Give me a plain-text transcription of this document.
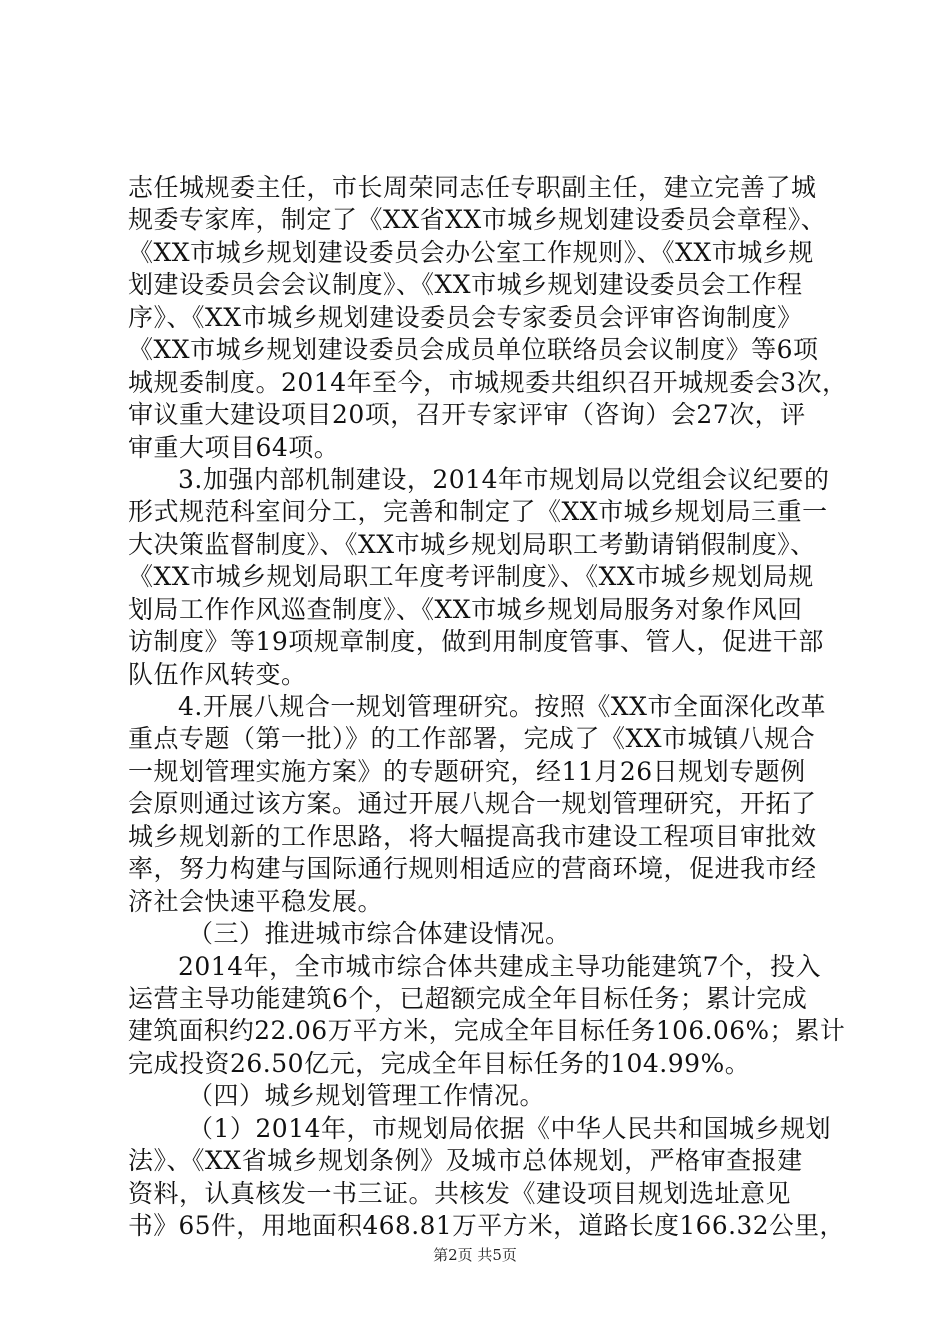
志任城规委主任，市长周荣同志任专职副主任，建立完善了城
规委专家库，制定了《XX省XX市城乡规划建设委员会章程》、
《XX市城乡规划建设委员会办公室工作规则》、《XX市城乡规
划建设委员会会议制度》、《XX市城乡规划建设委员会工作程
序》、《XX市城乡规划建设委员会专家委员会评审咨询制度》
《XX市城乡规划建设委员会成员单位联络员会议制度》等6项
城规委制度。2014年至今，市城规委共组织召开城规委会3次，
审议重大建设项目20项，召开专家评审（咨询）会27次，评
审重大项目64项。
3.加强内部机制建设，2014年市规划局以党组会议纪要的
形式规范科室间分工，完善和制定了《XX市城乡规划局三重一
大决策监督制度》、《XX市城乡规划局职工考勤请销假制度》、
《XX市城乡规划局职工年度考评制度》、《XX市城乡规划局规
划局工作作风巡查制度》、《XX市城乡规划局服务对象作风回
访制度》等19项规章制度，做到用制度管事、管人，促进干部
队伍作风转变。
4.开展八规合一规划管理研究。按照《XX市全面深化改革
重点专题（第一批）》的工作部署，完成了《XX市城镇八规合
一规划管理实施方案》的专题研究，经11月26日规划专题例
会原则通过该方案。通过开展八规合一规划管理研究，开拓了
城乡规划新的工作思路，将大幅提高我市建设工程项目审批效
率，努力构建与国际通行规则相适应的营商环境，促进我市经
济社会快速平稳发展。
（三）推进城市综合体建设情况。
2014年，全市城市综合体共建成主导功能建筑7个，投入
运营主导功能建筑6个，已超额完成全年目标任务；累计完成
建筑面积约22.06万平方米，完成全年目标任务106.06%；累计
完成投资26.50亿元，完成全年目标任务的104.99%。
（四）城乡规划管理工作情况。
（1）2014年，市规划局依据《中华人民共和国城乡规划
法》、《XX省城乡规划条例》及城市总体规划，严格审查报建
资料，认真核发一书三证。共核发《建设项目规划选址意见
书》65件，用地面积468.81万平方米，道路长度166.32公里，
第2页 共5页
